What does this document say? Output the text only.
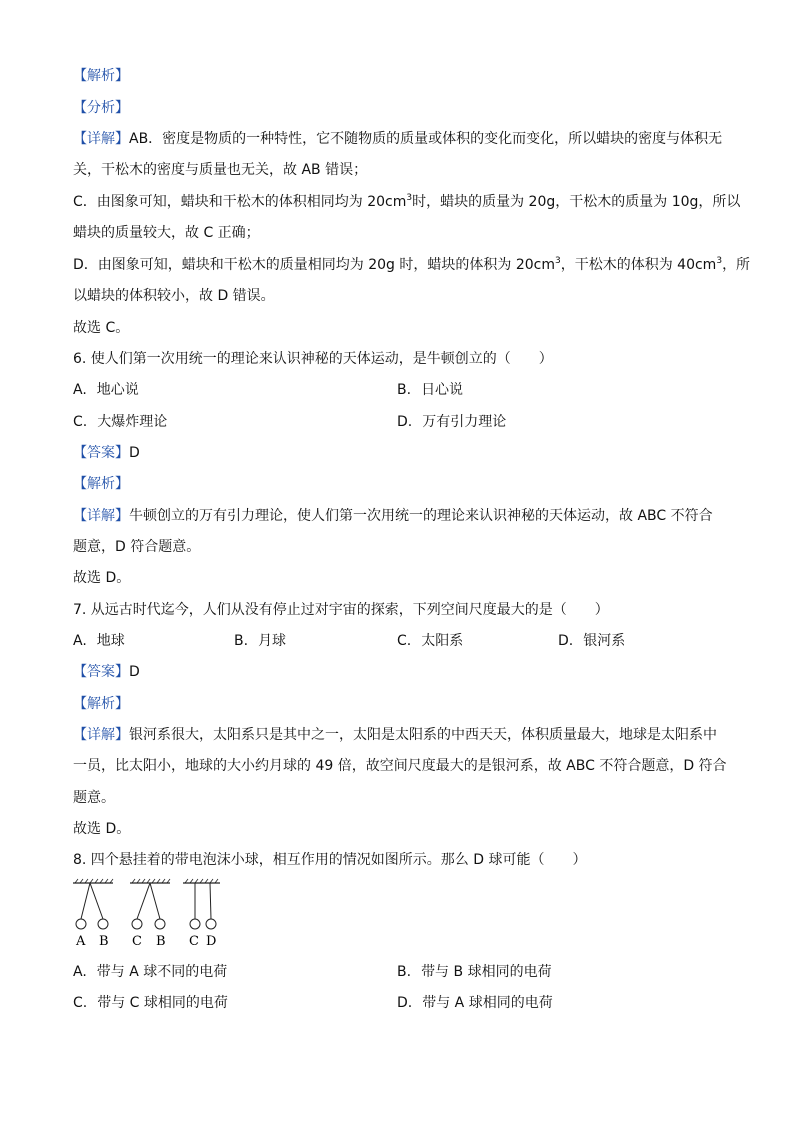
【解析】
【分析】
【详解】AB．密度是物质的一种特性，它不随物质的质量或体积的变化而变化，所以蜡块的密度与体积无
关，干松木的密度与质量也无关，故 AB 错误；
C．由图象可知，蜡块和干松木的体积相同均为 $20cm^3$时，蜡块的质量为 20g，干松木的质量为 10g，所以
蜡块的质量较大，故 C 正确；
D．由图象可知，蜡块和干松木的质量相同均为 20g 时，蜡块的体积为 $20cm^3$，干松木的体积为 $40cm^3$，所
以蜡块的体积较小，故 D 错误。
故选 C。
6. 使人们第一次用统一的理论来认识神秘的天体运动，是牛顿创立的（　　）
A. 地心说	B. 日心说
C. 大爆炸理论	D. 万有引力理论
【答案】D
【解析】
【详解】牛顿创立的万有引力理论，使人们第一次用统一的理论来认识神秘的天体运动，故 ABC 不符合
题意，D 符合题意。
故选 D。
7. 从远古时代迄今，人们从没有停止过对宇宙的探索，下列空间尺度最大的是（　　）
A. 地球	B. 月球	C. 太阳系	D. 银河系
【答案】D
【解析】
【详解】银河系很大，太阳系只是其中之一，太阳是太阳系的中西天天，体积质量最大，地球是太阳系中
一员，比太阳小，地球的大小约月球的 49 倍，故空间尺度最大的是银河系，故 ABC 不符合题意，D 符合
题意。
故选 D。
8. 四个悬挂着的带电泡沫小球，相互作用的情况如图所示。那么 D 球可能（　　）
A B C B C D
A. 带与 A 球不同的电荷	B. 带与 B 球相同的电荷
C. 带与 C 球相同的电荷	D. 带与 A 球相同的电荷
